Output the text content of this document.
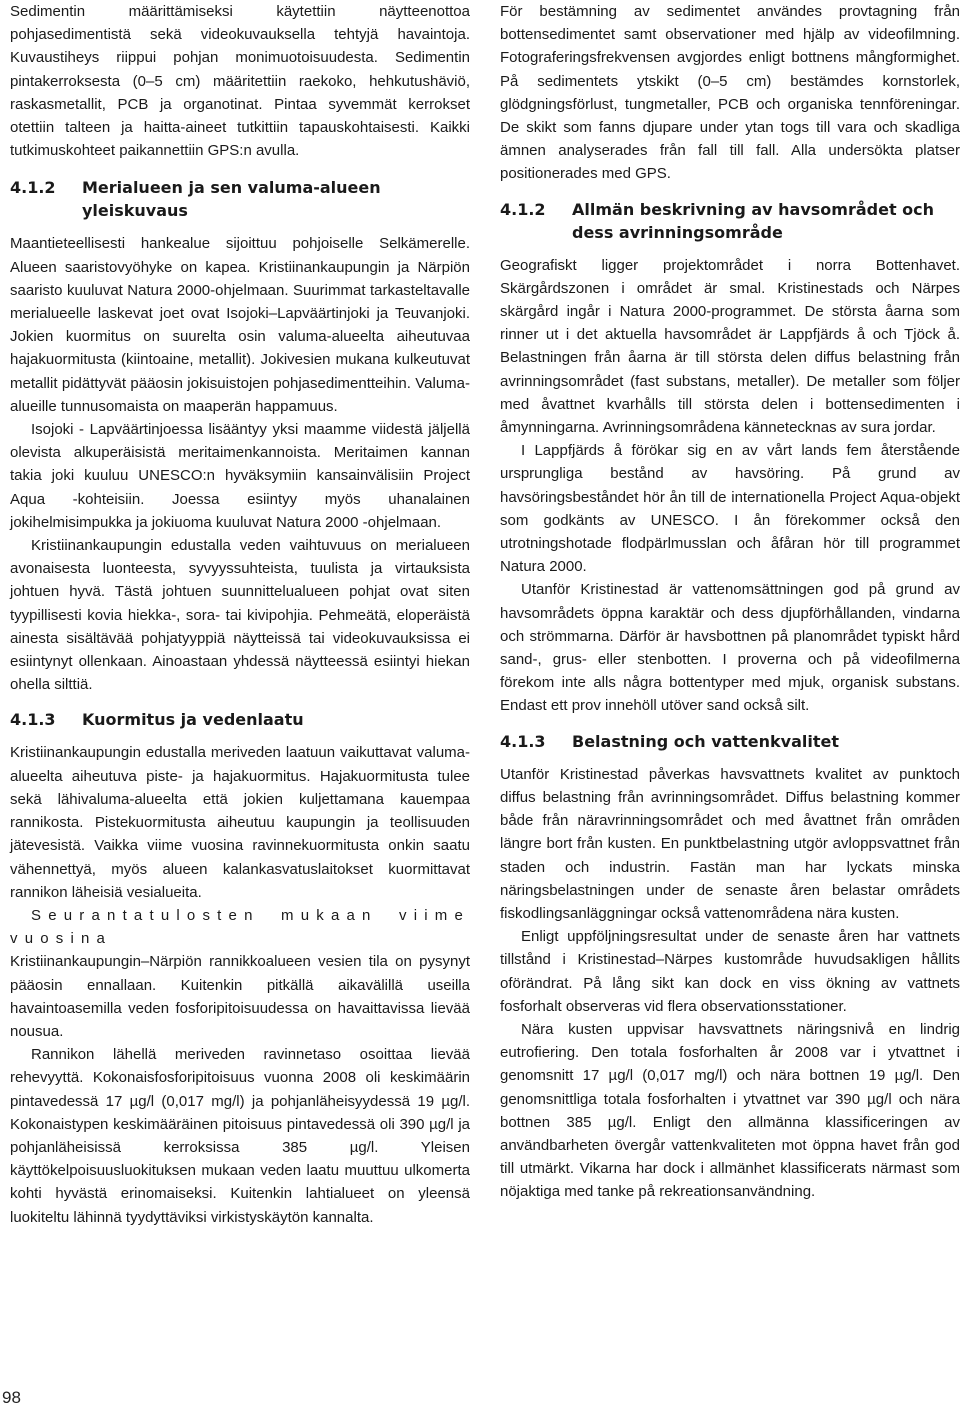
Sedimentin määrittämiseksi käytettiin näytteenottoa pohjasedimentistä sekä videokuvauksella tehtyjä havaintoja. Kuvaustiheys riippui pohjan monimuotoisuudesta. Sedimentin pintakerroksesta (0–5 cm) määritettiin raekoko, hehkutushäviö, raskasmetallit, PCB ja organotinat. Pintaa syvemmät kerrokset otettiin talteen ja haitta-aineet tutkittiin tapauskohtaisesti. Kaikki tutkimuskohteet paikannettiin GPS:n avulla.

4.1.2	Merialueen ja sen valuma-alueen yleiskuvaus

Maantieteellisesti hankealue sijoittuu pohjoiselle Selkämerelle. Alueen saaristovyöhyke on kapea. Kristiinankaupungin ja Närpiön saaristo kuuluvat Natura 2000-ohjelmaan. Suurimmat tarkasteltavalle merialueelle laskevat joet ovat Isojoki–Lapväärtinjoki ja Teuvanjoki. Jokien kuormitus on suurelta osin valuma-alueelta aiheutuvaa hajakuormitusta (kiintoaine, metallit). Jokivesien mukana kulkeutuvat metallit pidättyvät pääosin jokisuistojen pohjasedimentteihin. Valuma-alueille tunnusomaista on maaperän happamuus.

Isojoki - Lapväärtinjoessa lisääntyy yksi maamme viidestä jäljellä olevista alkuperäisistä meritaimenkannoista. Meritaimen kannan takia joki kuuluu UNESCO:n hyväksymiin kansainvälisiin Project Aqua -kohteisiin. Joessa esiintyy myös uhanalainen jokihelmisimpukka ja jokiuoma kuuluvat Natura 2000 -ohjelmaan.

Kristiinankaupungin edustalla veden vaihtuvuus on merialueen avonaisesta luonteesta, syvyyssuhteista, tuulista ja virtauksista johtuen hyvä. Tästä johtuen suunnittelualueen pohjat ovat siten tyypillisesti kovia hiekka-, sora- tai kivipohjia. Pehmeätä, eloperäistä ainesta sisältävää pohjatyyppiä näytteissä tai videokuvauksissa ei esiintynyt ollenkaan. Ainoastaan yhdessä näytteessä esiintyi hiekan ohella silttiä.

4.1.3	Kuormitus ja vedenlaatu

Kristiinankaupungin edustalla meriveden laatuun vaikuttavat valuma-alueelta aiheutuva piste- ja hajakuormitus. Hajakuormitusta tulee sekä lähivaluma-alueelta että jokien kuljettamana kauempaa rannikosta. Pistekuormitusta aiheutuu kaupungin ja teollisuuden jätevesistä. Vaikka viime vuosina ravinnekuormitusta onkin saatu vähennettyä, myös alueen kalankasvatuslaitokset kuormittavat rannikon läheisiä vesialueita.

Seurantatulosten mukaan viime vuosina

Kristiinankaupungin–Närpiön rannikkoalueen vesien tila on pysynyt pääosin ennallaan. Kuitenkin pitkällä aikavälillä useilla havaintoasemilla veden fosforipitoisuudessa on havaittavissa lievää nousua.

Rannikon lähellä meriveden ravinnetaso osoittaa lievää rehevyyttä. Kokonaisfosforipitoisuus vuonna 2008 oli keskimäärin pintavedessä 17 µg/l (0,017 mg/l) ja pohjanläheisyydessä 19 µg/l. Kokonaistypen keskimääräinen pitoisuus pintavedessä oli 390 µg/l ja pohjanläheisissä kerroksissa 385 µg/l. Yleisen käyttökelpoisuusluokituksen mukaan veden laatu muuttuu ulkomerta kohti hyvästä erinomaiseksi. Kuitenkin lahtialueet on yleensä luokiteltu lähinnä tyydyttäviksi virkistyskäytön kannalta.

För bestämning av sedimentet användes provtagning från bottensedimentet samt observationer med hjälp av videofilmning. Fotograferingsfrekvensen avgjordes enligt bottnens mångformighet. På sedimentets ytskikt (0–5 cm) bestämdes kornstorlek, glödgningsförlust, tungmetaller, PCB och organiska tennföreningar. De skikt som fanns djupare under ytan togs till vara och skadliga ämnen analyserades från fall till fall. Alla undersökta platser positionerades med GPS.

4.1.2	Allmän beskrivning av havsområdet och dess avrinningsområde

Geografiskt ligger projektområdet i norra Bottenhavet. Skärgårdszonen i området är smal. Kristinestads och Närpes skärgård ingår i Natura 2000-programmet. De största åarna som rinner ut i det aktuella havsområdet är Lappfjärds å och Tjöck å. Belastningen från åarna är till största delen diffus belastning från avrinningsområdet (fast substans, metaller). De metaller som följer med åvattnet kvarhålls till största delen i bottensedimenten i åmynningarna. Avrinningsområdena kännetecknas av sura jordar.

I Lappfjärds å förökar sig en av vårt lands fem återstående ursprungliga bestånd av havsöring. På grund av havsöringsbeståndet hör ån till de internationella Project Aqua-objekt som godkänts av UNESCO. I ån förekommer också den utrotningshotade flodpärlmusslan och åfåran hör till programmet Natura 2000.

Utanför Kristinestad är vattenomsättningen god på grund av havsområdets öppna karaktär och dess djupförhållanden, vindarna och strömmarna. Därför är havsbottnen på planområdet typiskt hård sand-, grus- eller stenbotten. I proverna och på videofilmerna förekom inte alls några bottentyper med mjuk, organisk substans. Endast ett prov innehöll utöver sand också silt.

4.1.3	Belastning och vattenkvalitet

Utanför Kristinestad påverkas havsvattnets kvalitet av punktoch diffus belastning från avrinningsområdet. Diffus belastning kommer både från näravrinningsområdet och med åvattnet från områden längre bort från kusten. En punktbelastning utgör avloppsvattnet från staden och industrin. Fastän man har lyckats minska näringsbelastningen under de senaste åren belastar områdets fiskodlingsanläggningar också vattenområdena nära kusten.

Enligt uppföljningsresultat under de senaste åren har vattnets tillstånd i Kristinestad–Närpes kustområde huvudsakligen hållits oförändrat. På lång sikt kan dock en viss ökning av vattnets fosforhalt observeras vid flera observationsstationer.

Nära kusten uppvisar havsvattnets näringsnivå en lindrig eutrofiering. Den totala fosforhalten år 2008 var i ytvattnet i genomsnitt 17 µg/l (0,017 mg/l) och nära bottnen 19 µg/l. Den genomsnittliga totala fosforhalten i ytvattnet var 390 µg/l och nära bottnen 385 µg/l. Enligt den allmänna klassificeringen av användbarheten övergår vattenkvaliteten mot öppna havet från god till utmärkt. Vikarna har dock i allmänhet klassificerats närmast som nöjaktiga med tanke på rekreationsanvändning.

98
